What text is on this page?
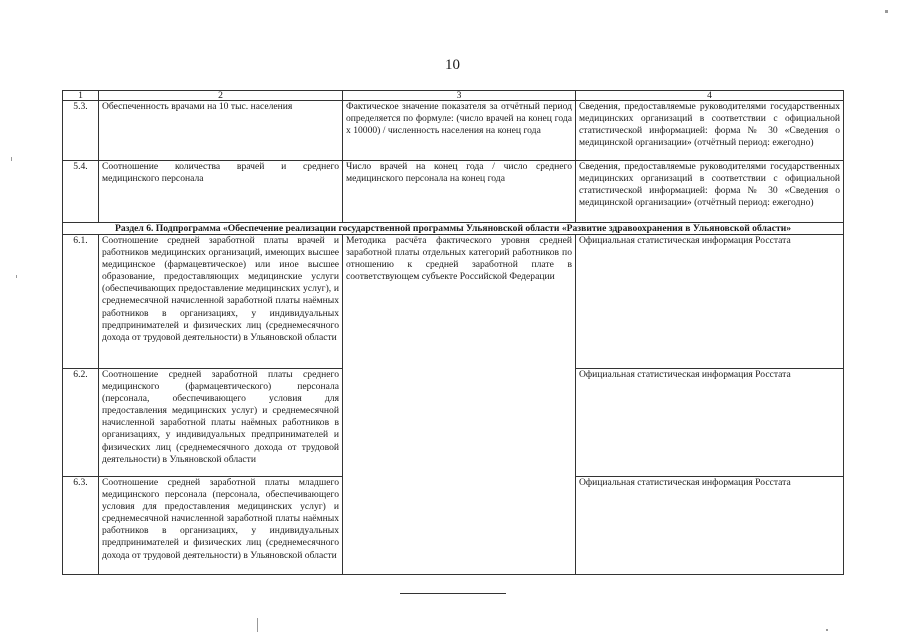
10
1	2	3	4
5.3.	Обеспеченность врачами на 10 тыс. населения	Фактическое значение показателя за отчётный период определяется по формуле: (число врачей на конец года х 10000) / численность населения на конец года	Сведения, предоставляемые руководителями государственных медицинских организаций в соответствии с официальной статистической информацией: форма № 30 «Сведения о медицинской организации» (отчётный период: ежегодно)
5.4.	Соотношение количества врачей и среднего медицинского персонала	Число врачей на конец года / число среднего медицинского персонала на конец года	Сведения, предоставляемые руководителями государственных медицинских организаций в соответствии с официальной статистической информацией: форма № 30 «Сведения о медицинской организации» (отчётный период: ежегодно)
Раздел 6. Подпрограмма «Обеспечение реализации государственной программы Ульяновской области «Развитие здравоохранения в Ульяновской области»			
6.1.	Соотношение средней заработной платы врачей и работников медицинских организаций, имеющих высшее медицинское (фармацевтическое) или иное высшее образование, предоставляющих медицинские услуги (обеспечивающих предоставление медицинских услуг), и среднемесячной начисленной заработной платы наёмных работников в организациях, у индивидуальных предпринимателей и физических лиц (среднемесячного дохода от трудовой деятельности) в Ульяновской области	Методика расчёта фактического уровня средней заработной платы отдельных категорий работников по отношению к средней заработной плате в соответствующем субъекте Российской Федерации	Официальная статистическая информация Росстата
6.2.	Соотношение средней заработной платы среднего медицинского (фармацевтического) персонала (персонала, обеспечивающего условия для предоставления медицинских услуг) и среднемесячной начисленной заработной платы наёмных работников в организациях, у индивидуальных предпринимателей и физических лиц (среднемесячного дохода от трудовой деятельности) в Ульяновской области		Официальная статистическая информация Росстата
6.3.	Соотношение средней заработной платы младшего медицинского персонала (персонала, обеспечивающего условия для предоставления медицинских услуг) и среднемесячной начисленной заработной платы наёмных работников в организациях, у индивидуальных предпринимателей и физических лиц (среднемесячного дохода от трудовой деятельности) в Ульяновской области		Официальная статистическая информация Росстата
